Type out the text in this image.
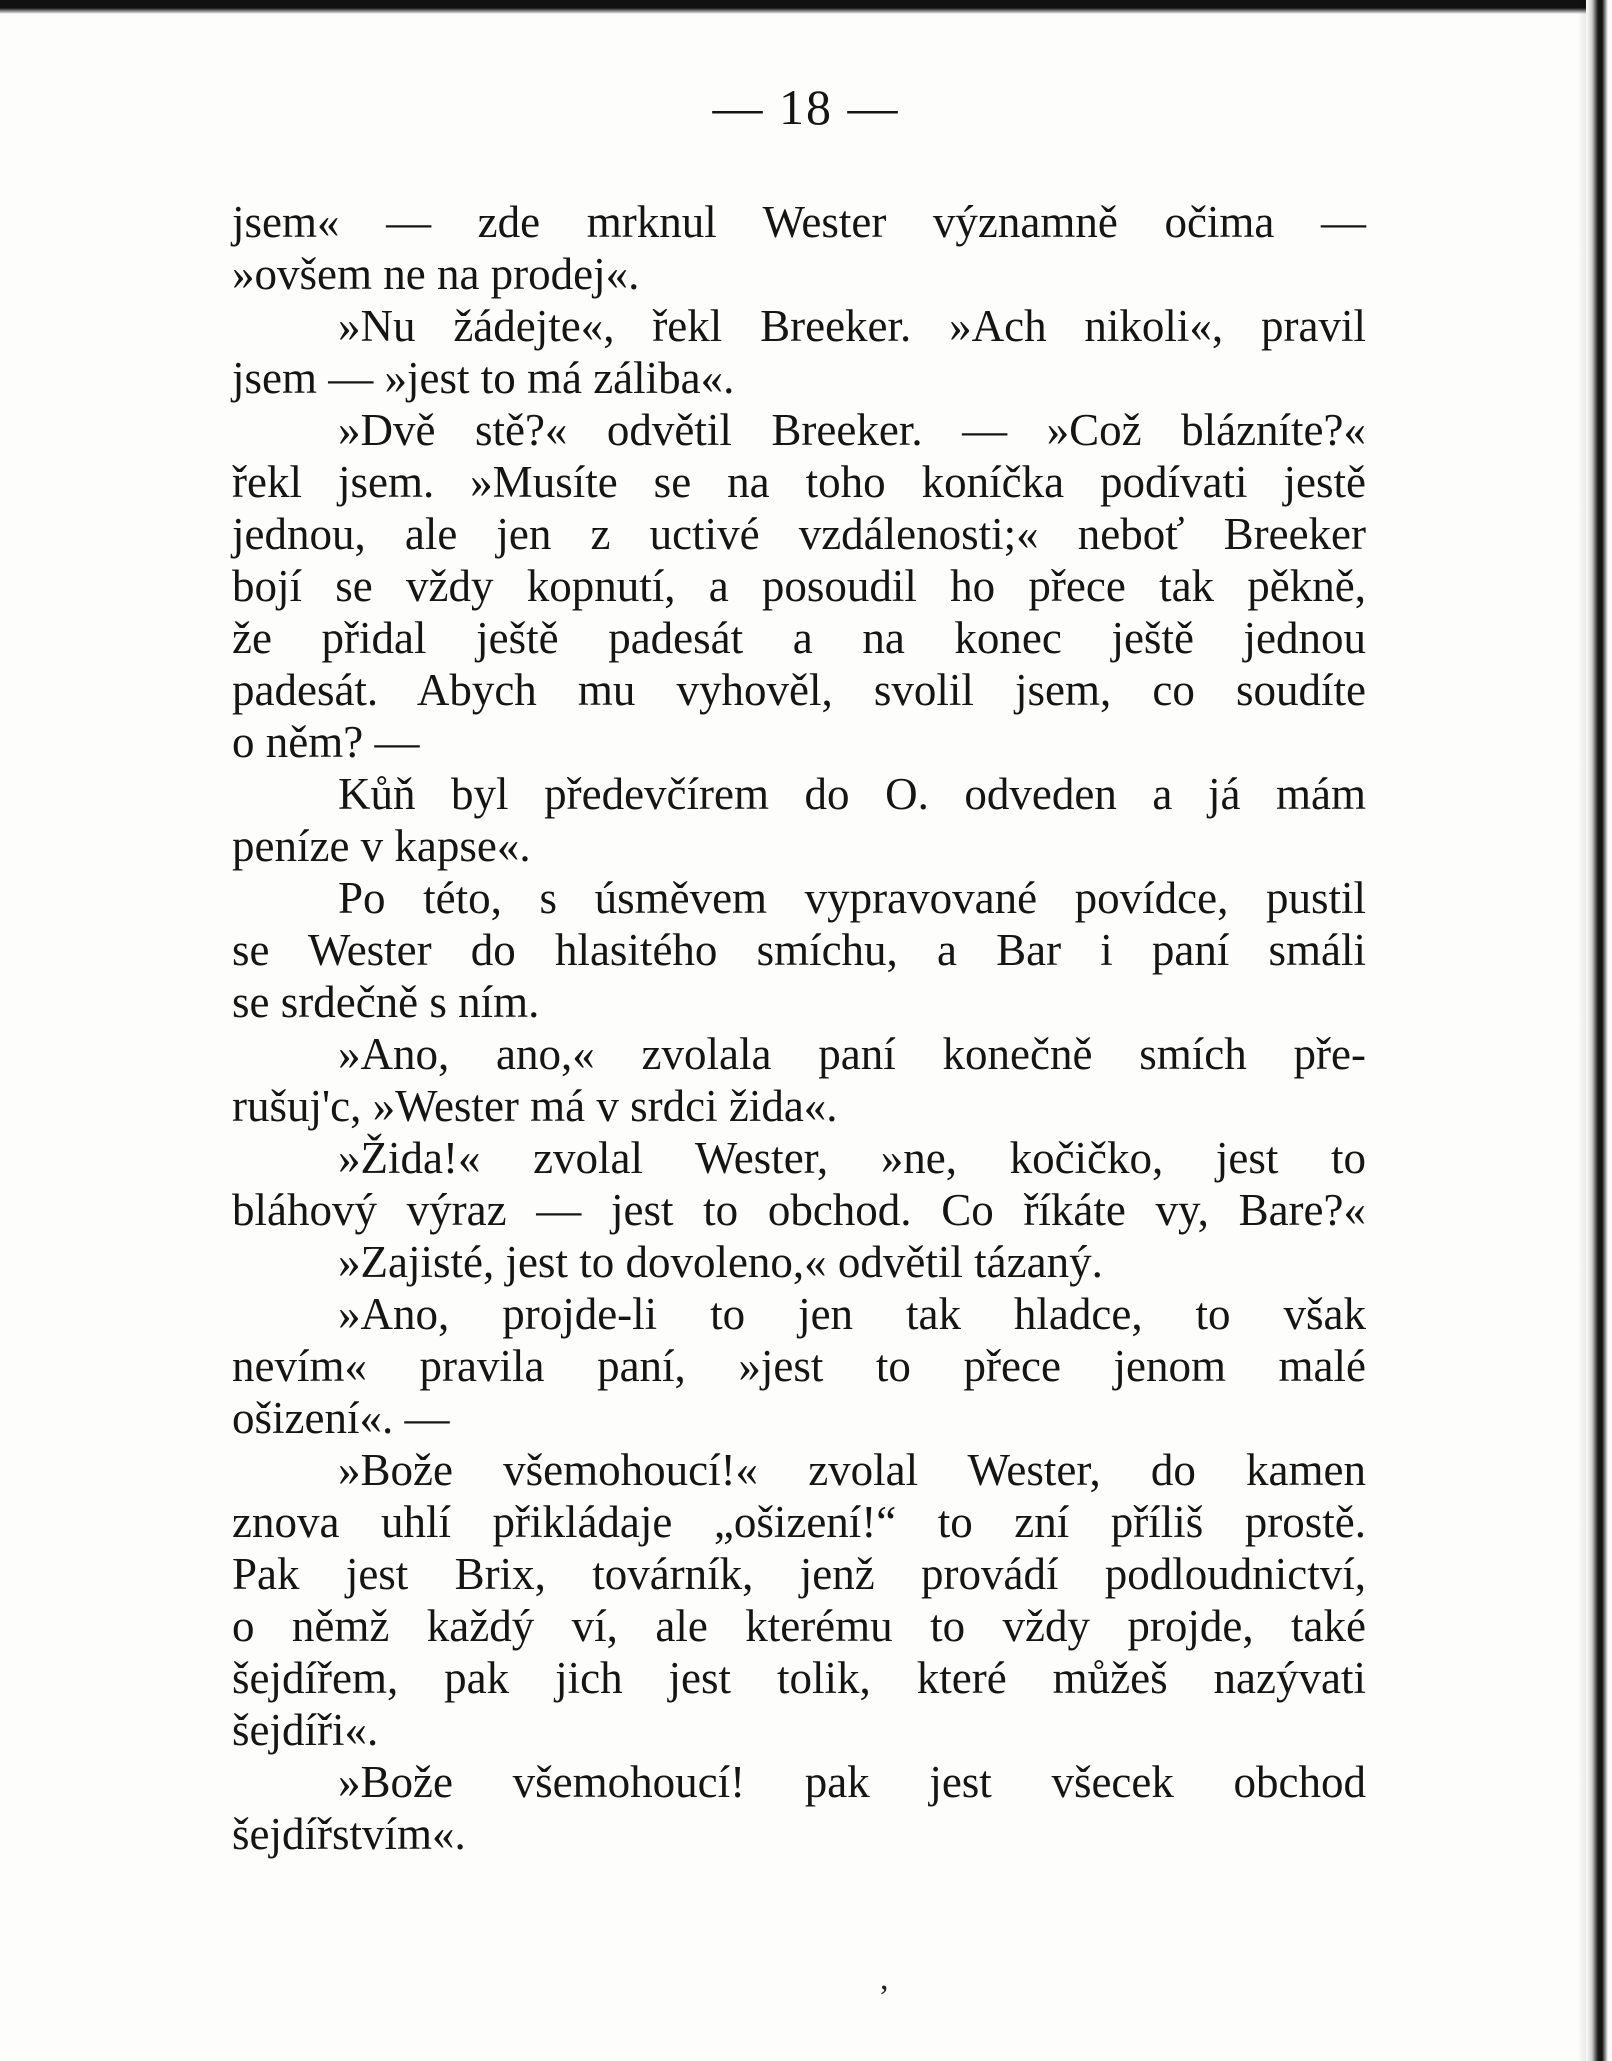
— 18 —
jsem« — zde mrknul Wester významně očima —
»ovšem ne na prodej«.
»Nu žádejte«, řekl Breeker. »Ach nikoli«, pravil
jsem — »jest to má záliba«.
»Dvě stě?« odvětil Breeker. — »Což blázníte?«
řekl jsem. »Musíte se na toho koníčka podívati jestě
jednou, ale jen z uctivé vzdálenosti;« neboť Breeker
bojí se vždy kopnutí, a posoudil ho přece tak pěkně,
že přidal ještě padesát a na konec ještě jednou
padesát. Abych mu vyhověl, svolil jsem, co soudíte
o něm? —
Kůň byl předevčírem do O. odveden a já mám
peníze v kapse«.
Po této, s úsměvem vypravované povídce, pustil
se Wester do hlasitého smíchu, a Bar i paní smáli
se srdečně s ním.
»Ano, ano,« zvolala paní konečně smích pře-
rušuj'c, »Wester má v srdci žida«.
»Žida!« zvolal Wester, »ne, kočičko, jest to
bláhový výraz — jest to obchod. Co říkáte vy, Bare?«
»Zajisté, jest to dovoleno,« odvětil tázaný.
»Ano, projde-li to jen tak hladce, to však
nevím« pravila paní, »jest to přece jenom malé
ošizení«. —
»Bože všemohoucí!« zvolal Wester, do kamen
znova uhlí přikládaje „ošizení!“ to zní příliš prostě.
Pak jest Brix, továrník, jenž provádí podloudnictví,
o němž každý ví, ale kterému to vždy projde, také
šejdířem, pak jich jest tolik, které můžeš nazývati
šejdíři«.
»Bože všemohoucí! pak jest všecek obchod
šejdířstvím«.
,
